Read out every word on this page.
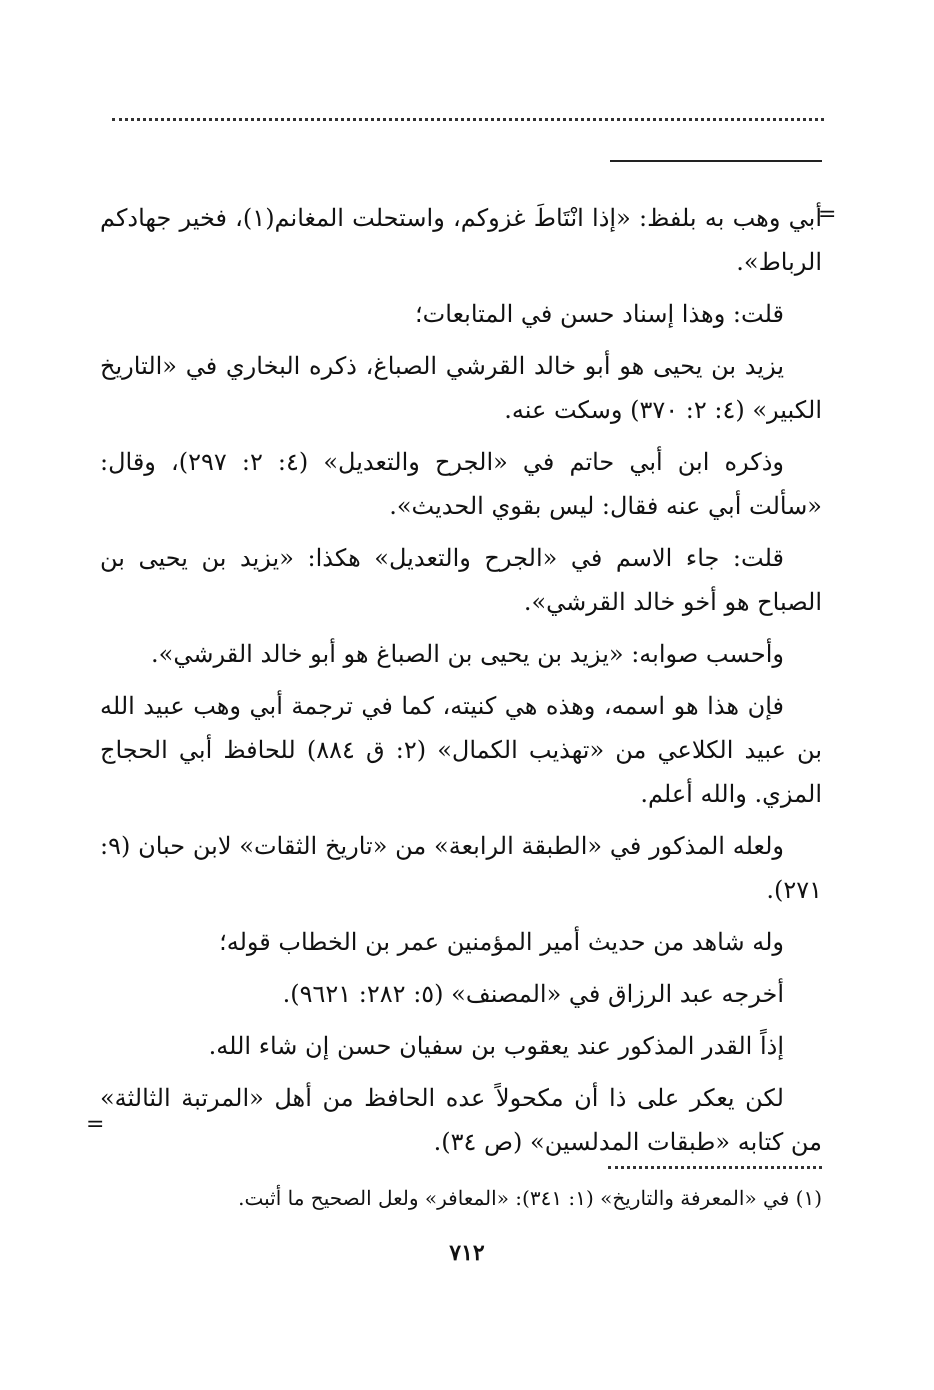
=

أبي وهب به بلفظ: «إذا انْتَاطَ غزوكم، واستحلت المغانم(١)، فخير جهادكم الرباط».

قلت: وهذا إسناد حسن في المتابعات؛

يزيد بن يحيى هو أبو خالد القرشي الصباغ، ذكره البخاري في «التاريخ الكبير» (٤: ٢: ٣٧٠) وسكت عنه.

وذكره ابن أبي حاتم في «الجرح والتعديل» (٤: ٢: ٢٩٧)، وقال: «سألت أبي عنه فقال: ليس بقوي الحديث».

قلت: جاء الاسم في «الجرح والتعديل» هكذا: «يزيد بن يحيى بن الصباح هو أخو خالد القرشي».

وأحسب صوابه: «يزيد بن يحيى بن الصباغ هو أبو خالد القرشي».

فإن هذا هو اسمه، وهذه هي كنيته، كما في ترجمة أبي وهب عبيد الله بن عبيد الكلاعي من «تهذيب الكمال» (٢: ق ٨٨٤) للحافظ أبي الحجاج المزي. والله أعلم.

ولعله المذكور في «الطبقة الرابعة» من «تاريخ الثقات» لابن حبان (٩: ٢٧١).

وله شاهد من حديث أمير المؤمنين عمر بن الخطاب قوله؛

أخرجه عبد الرزاق في «المصنف» (٥: ٢٨٢: ٩٦٢١).

إذاً القدر المذكور عند يعقوب بن سفيان حسن إن شاء الله.

لكن يعكر على ذا أن مكحولاً عده الحافظ من أهل «المرتبة الثالثة» من كتابه «طبقات المدلسين» (ص ٣٤).

=
(١) في «المعرفة والتاريخ» (١: ٣٤١): «المعافر» ولعل الصحيح ما أثبت.
٧١٢
